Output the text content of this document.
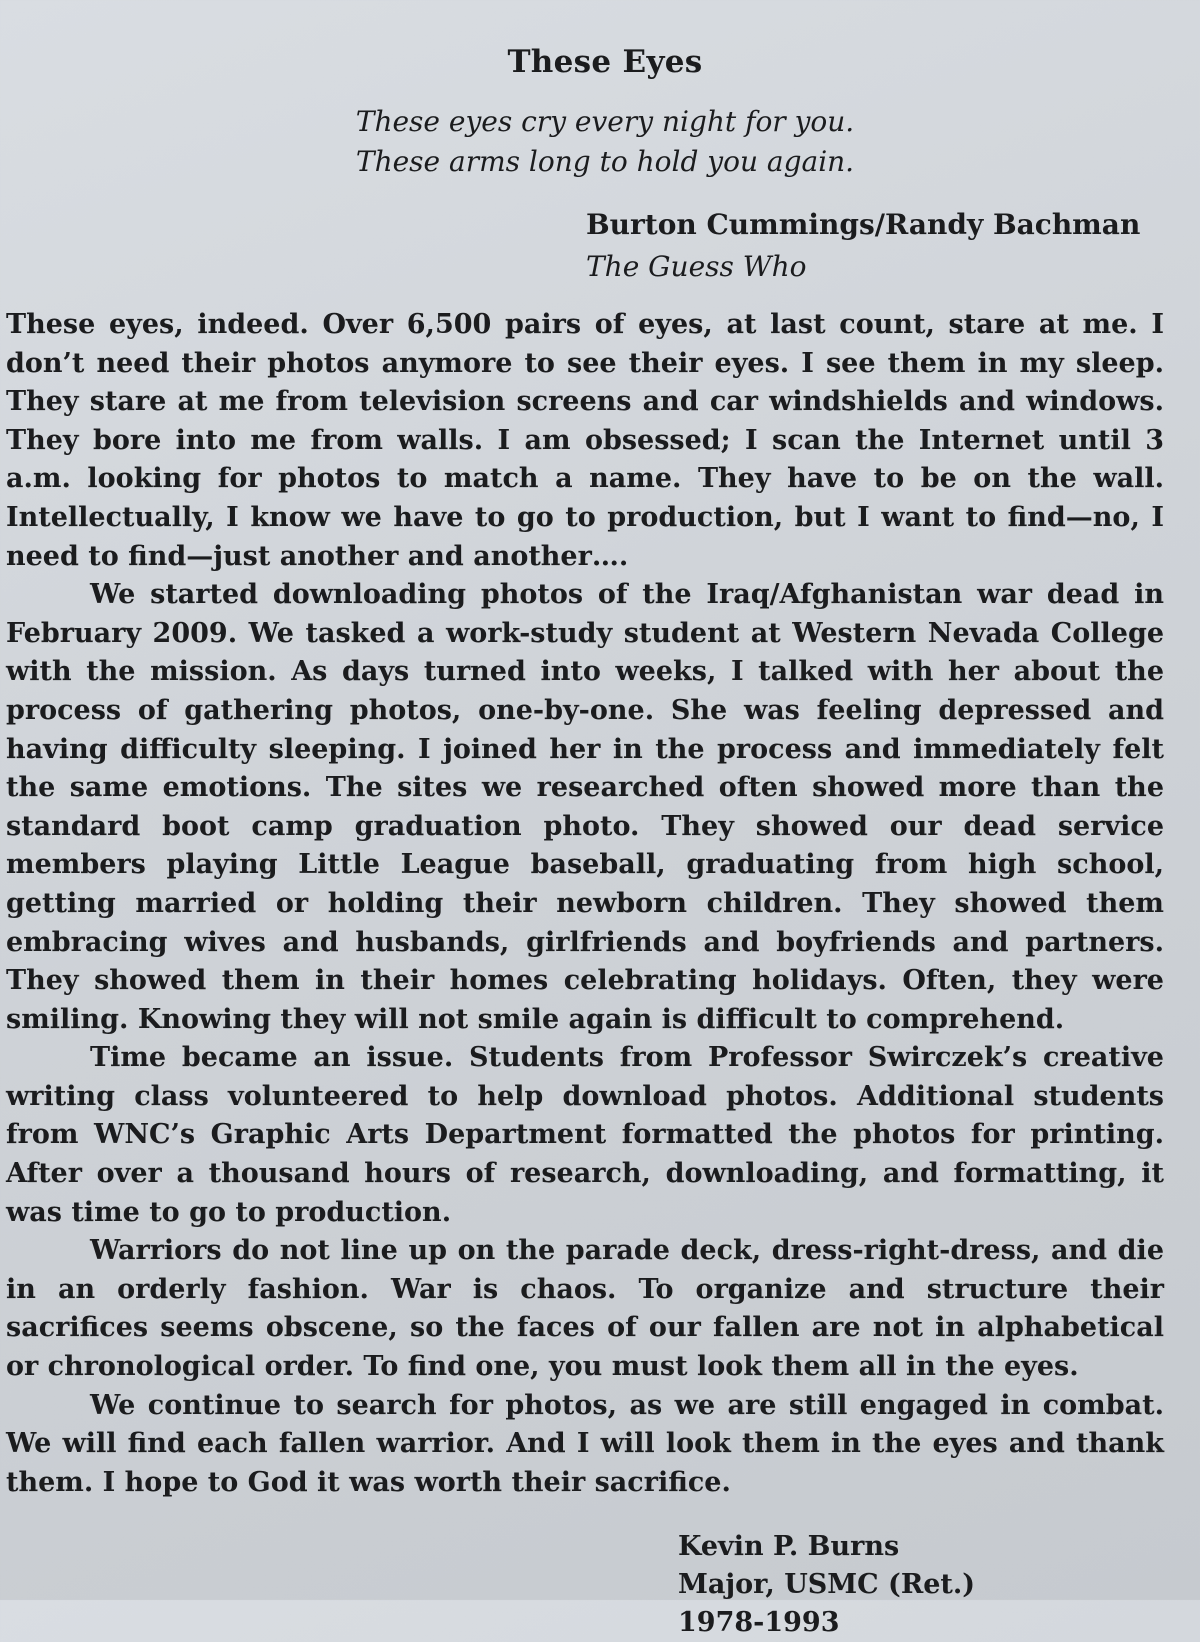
These Eyes
These eyes cry every night for you.
These arms long to hold you again.
Burton Cummings/Randy Bachman
The Guess Who

These eyes, indeed. Over 6,500 pairs of eyes, at last count, stare at me. I don’t need their photos anymore to see their eyes. I see them in my sleep. They stare at me from television screens and car windshields and windows. They bore into me from walls. I am obsessed; I scan the Internet until 3 a.m. looking for photos to match a name. They have to be on the wall. Intellectually, I know we have to go to production, but I want to find—no, I need to find—just another and another….

We started downloading photos of the Iraq/Afghanistan war dead in February 2009. We tasked a work-study student at Western Nevada College with the mission. As days turned into weeks, I talked with her about the process of gathering photos, one-by-one. She was feeling depressed and having difficulty sleeping. I joined her in the process and immediately felt the same emotions. The sites we researched often showed more than the standard boot camp graduation photo. They showed our dead service members playing Little League baseball, graduating from high school, getting married or holding their newborn children. They showed them embracing wives and husbands, girlfriends and boyfriends and partners. They showed them in their homes celebrating holidays. Often, they were smiling. Knowing they will not smile again is difficult to comprehend.

Time became an issue. Students from Professor Swirczek’s creative writing class volunteered to help download photos. Additional students from WNC’s Graphic Arts Department formatted the photos for printing. After over a thousand hours of research, downloading, and formatting, it was time to go to production.

Warriors do not line up on the parade deck, dress-right-dress, and die in an orderly fashion. War is chaos. To organize and structure their sacrifices seems obscene, so the faces of our fallen are not in alphabetical or chronological order. To find one, you must look them all in the eyes.

We continue to search for photos, as we are still engaged in combat. We will find each fallen warrior. And I will look them in the eyes and thank them. I hope to God it was worth their sacrifice.

Kevin P. Burns
Major, USMC (Ret.)
1978-1993
